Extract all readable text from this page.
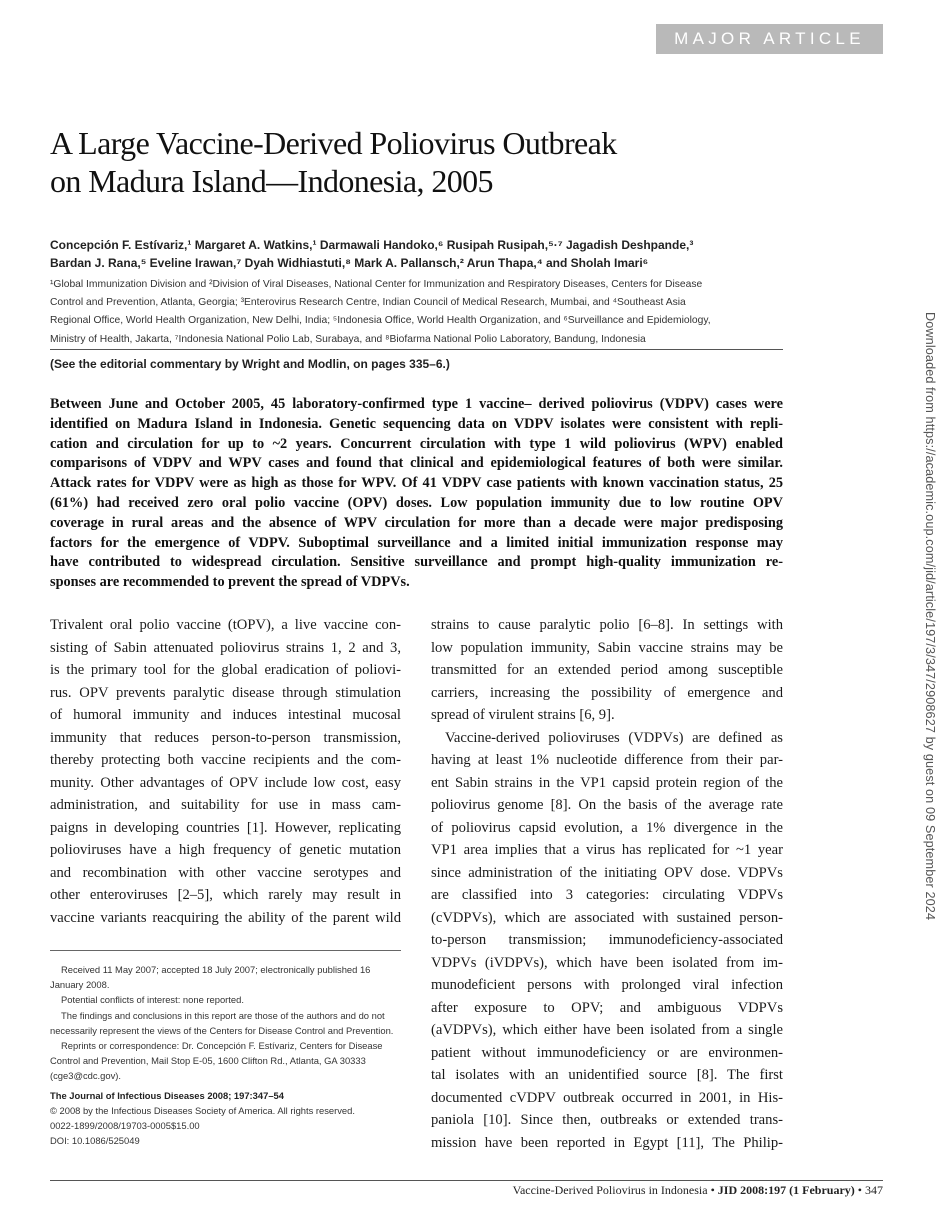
MAJOR ARTICLE
A Large Vaccine-Derived Poliovirus Outbreak
on Madura Island—Indonesia, 2005
Concepción F. Estívariz,¹ Margaret A. Watkins,¹ Darmawali Handoko,⁶ Rusipah Rusipah,⁵·⁷ Jagadish Deshpande,³
Bardan J. Rana,⁵ Eveline Irawan,⁷ Dyah Widhiastuti,⁸ Mark A. Pallansch,² Arun Thapa,⁴ and Sholah Imari⁶
¹Global Immunization Division and ²Division of Viral Diseases, National Center for Immunization and Respiratory Diseases, Centers for Disease
Control and Prevention, Atlanta, Georgia; ³Enterovirus Research Centre, Indian Council of Medical Research, Mumbai, and ⁴Southeast Asia
Regional Office, World Health Organization, New Delhi, India; ⁵Indonesia Office, World Health Organization, and ⁶Surveillance and Epidemiology,
Ministry of Health, Jakarta, ⁷Indonesia National Polio Lab, Surabaya, and ⁸Biofarma National Polio Laboratory, Bandung, Indonesia
(See the editorial commentary by Wright and Modlin, on pages 335–6.)
Between June and October 2005, 45 laboratory-confirmed type 1 vaccine– derived poliovirus (VDPV) cases were
identified on Madura Island in Indonesia. Genetic sequencing data on VDPV isolates were consistent with repli-
cation and circulation for up to ~2 years. Concurrent circulation with type 1 wild poliovirus (WPV) enabled
comparisons of VDPV and WPV cases and found that clinical and epidemiological features of both were similar.
Attack rates for VDPV were as high as those for WPV. Of 41 VDPV case patients with known vaccination status, 25
(61%) had received zero oral polio vaccine (OPV) doses. Low population immunity due to low routine OPV
coverage in rural areas and the absence of WPV circulation for more than a decade were major predisposing
factors for the emergence of VDPV. Suboptimal surveillance and a limited initial immunization response may
have contributed to widespread circulation. Sensitive surveillance and prompt high-quality immunization re-
sponses are recommended to prevent the spread of VDPVs.
Trivalent oral polio vaccine (tOPV), a live vaccine con-
sisting of Sabin attenuated poliovirus strains 1, 2 and 3,
is the primary tool for the global eradication of poliovi-
rus. OPV prevents paralytic disease through stimulation
of humoral immunity and induces intestinal mucosal
immunity that reduces person-to-person transmission,
thereby protecting both vaccine recipients and the com-
munity. Other advantages of OPV include low cost, easy
administration, and suitability for use in mass cam-
paigns in developing countries [1]. However, replicating
polioviruses have a high frequency of genetic mutation
and recombination with other vaccine serotypes and
other enteroviruses [2–5], which rarely may result in
vaccine variants reacquiring the ability of the parent wild
strains to cause paralytic polio [6–8]. In settings with
low population immunity, Sabin vaccine strains may be
transmitted for an extended period among susceptible
carriers, increasing the possibility of emergence and
spread of virulent strains [6, 9].
Vaccine-derived polioviruses (VDPVs) are defined as
having at least 1% nucleotide difference from their par-
ent Sabin strains in the VP1 capsid protein region of the
poliovirus genome [8]. On the basis of the average rate
of poliovirus capsid evolution, a 1% divergence in the
VP1 area implies that a virus has replicated for ~1 year
since administration of the initiating OPV dose. VDPVs
are classified into 3 categories: circulating VDPVs
(cVDPVs), which are associated with sustained person-
to-person transmission; immunodeficiency-associated
VDPVs (iVDPVs), which have been isolated from im-
munodeficient persons with prolonged viral infection
after exposure to OPV; and ambiguous VDPVs
(aVDPVs), which either have been isolated from a single
patient without immunodeficiency or are environmen-
tal isolates with an unidentified source [8]. The first
documented cVDPV outbreak occurred in 2001, in His-
paniola [10]. Since then, outbreaks or extended trans-
mission have been reported in Egypt [11], The Philip-
Received 11 May 2007; accepted 18 July 2007; electronically published 16
January 2008.
Potential conflicts of interest: none reported.
The findings and conclusions in this report are those of the authors and do not
necessarily represent the views of the Centers for Disease Control and Prevention.
Reprints or correspondence: Dr. Concepción F. Estívariz, Centers for Disease
Control and Prevention, Mail Stop E-05, 1600 Clifton Rd., Atlanta, GA 30333
(cge3@cdc.gov).
The Journal of Infectious Diseases 2008; 197:347–54
© 2008 by the Infectious Diseases Society of America. All rights reserved.
0022-1899/2008/19703-0005$15.00
DOI: 10.1086/525049
Vaccine-Derived Poliovirus in Indonesia • JID 2008:197 (1 February) • 347
Downloaded from https://academic.oup.com/jid/article/197/3/347/2908627 by guest on 09 September 2024
